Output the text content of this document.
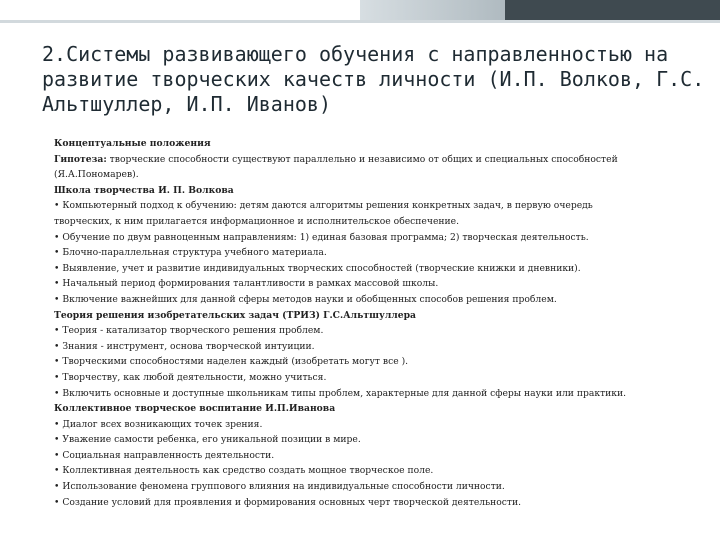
2.Системы развивающего обучения с направленностью на развитие творческих качеств личности (И.П. Волков, Г.С. Альтшуллер, И.П. Иванов)
Концептуальные положения
Гипотеза: творческие способности существуют параллельно и независимо от общих и специальных способностей
(Я.А.Пономарев).
Школа творчества И. П. Волкова
• Компьютерный подход к обучению: детям даются алгоритмы решения конкретных задач, в первую очередь
творческих, к ним прилагается информационное и исполнительское обеспечение.
• Обучение по двум равноценным направлениям: 1) единая базовая программа; 2) творческая деятельность.
• Блочно-параллельная структура учебного материала.
• Выявление, учет и развитие индивидуальных творческих способностей (творческие книжки и дневники).
• Начальный период формирования талантливости в рамках массовой школы.
• Включение важнейших для данной сферы методов науки и обобщенных способов решения проблем.
Теория решения изобретательских задач (ТРИЗ) Г.С.Альтшуллера
• Теория - катализатор творческого решения проблем.
• Знания - инструмент, основа творческой интуиции.
• Творческими способностями наделен каждый (изобретать могут все ).
• Творчеству, как любой деятельности, можно учиться.
• Включить основные и доступные школьникам типы проблем, характерные для данной сферы науки или практики.
Коллективное творческое воспитание И.П.Иванова
• Диалог всех возникающих точек зрения.
• Уважение самости ребенка, его уникальной позиции в мире.
• Социальная направленность деятельности.
• Коллективная деятельность как средство создать мощное творческое поле.
• Использование феномена группового влияния на индивидуальные способности личности.
• Создание условий для проявления и формирования основных черт творческой деятельности.
